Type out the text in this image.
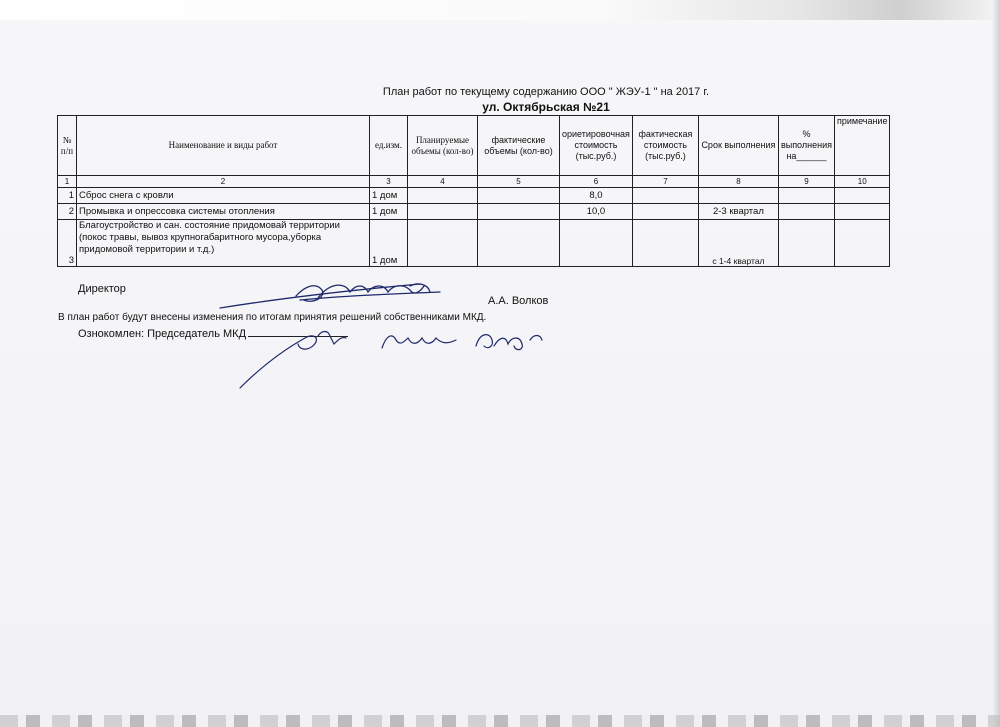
План работ по текущему содержанию ООО " ЖЭУ-1 " на 2017 г.
ул. Октябрьская №21
№ п/п	Наименование и виды работ	ед.изм.	Планируемые объемы (кол-во)	фактические объемы (кол-во)	ориетировочная стоимость (тыс.руб.)	фактическая стоимость (тыс.руб.)	Срок выполнения	% выполнения на______	примечание
1	2	3	4	5	6	7	8	9	10
1	Сброс снега с кровли	1 дом			8,0				
2	Промывка и опрессовка системы отопления	1 дом			10,0		2-3 квартал		
3	Благоустройство и сан. состояние придомовай территории (покос травы, вывоз крупногабаритного мусора,уборка придомовой территории и т.д.)	1 дом					с 1-4 квартал		
Директор
А.А. Волков
В план работ будут внесены изменения по итогам принятия решений собственниками МКД.
Ознокомлен: Председатель МКД
